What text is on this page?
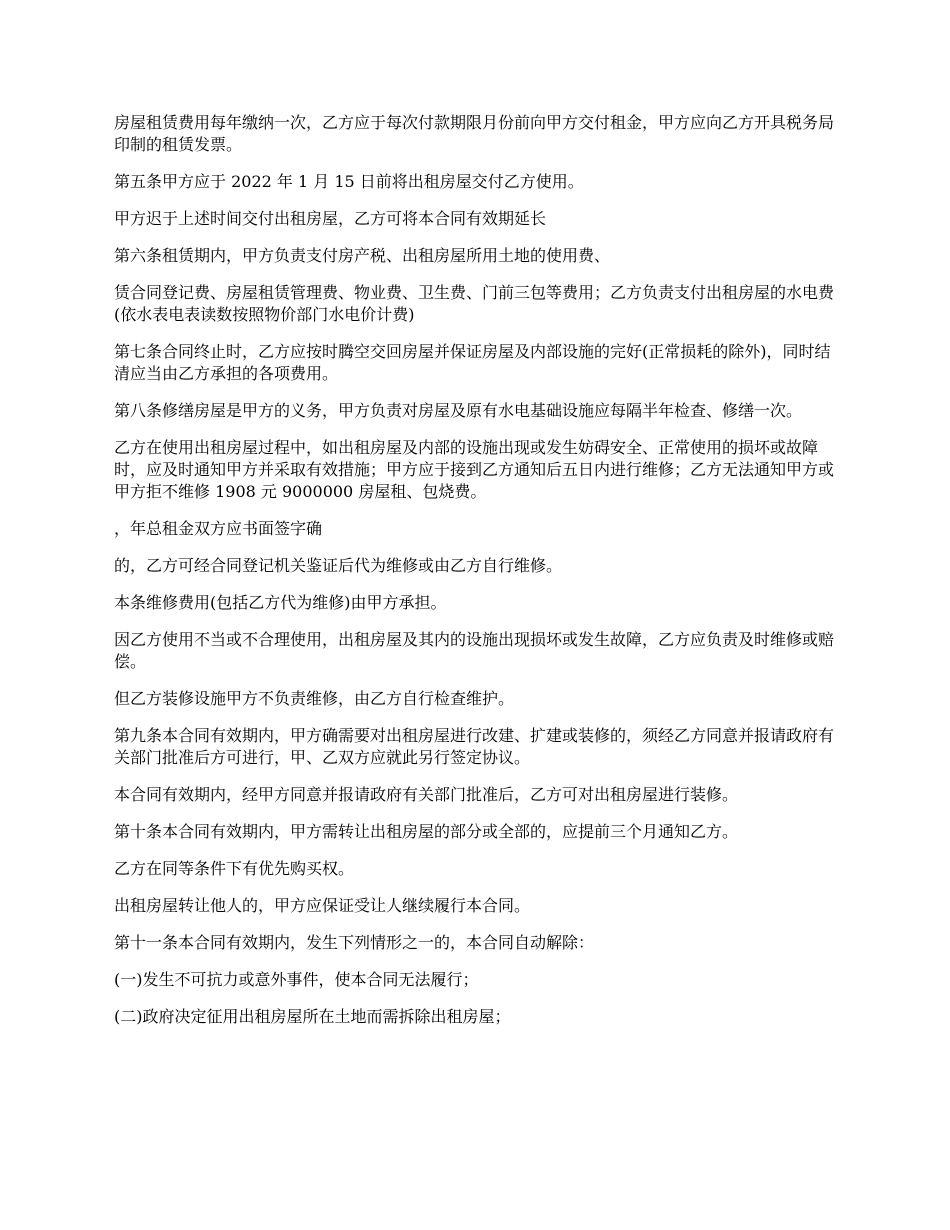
房屋租赁费用每年缴纳一次，乙方应于每次付款期限月份前向甲方交付租金，甲方应向乙方开具税务局印制的租赁发票。

第五条甲方应于 2022 年 1 月 15 日前将出租房屋交付乙方使用。

甲方迟于上述时间交付出租房屋，乙方可将本合同有效期延长

第六条租赁期内，甲方负责支付房产税、出租房屋所用土地的使用费、

赁合同登记费、房屋租赁管理费、物业费、卫生费、门前三包等费用；乙方负责支付出租房屋的水电费(依水表电表读数按照物价部门水电价计费)

第七条合同终止时，乙方应按时腾空交回房屋并保证房屋及内部设施的完好(正常损耗的除外)，同时结清应当由乙方承担的各项费用。

第八条修缮房屋是甲方的义务，甲方负责对房屋及原有水电基础设施应每隔半年检查、修缮一次。

乙方在使用出租房屋过程中，如出租房屋及内部的设施出现或发生妨碍安全、正常使用的损坏或故障时，应及时通知甲方并采取有效措施；甲方应于接到乙方通知后五日内进行维修；乙方无法通知甲方或甲方拒不维修 1908 元 9000000 房屋租、包烧费。

，年总租金双方应书面签字确

的，乙方可经合同登记机关鉴证后代为维修或由乙方自行维修。

本条维修费用(包括乙方代为维修)由甲方承担。

因乙方使用不当或不合理使用，出租房屋及其内的设施出现损坏或发生故障，乙方应负责及时维修或赔偿。

但乙方装修设施甲方不负责维修，由乙方自行检查维护。

第九条本合同有效期内，甲方确需要对出租房屋进行改建、扩建或装修的，须经乙方同意并报请政府有关部门批准后方可进行，甲、乙双方应就此另行签定协议。

本合同有效期内，经甲方同意并报请政府有关部门批准后，乙方可对出租房屋进行装修。

第十条本合同有效期内，甲方需转让出租房屋的部分或全部的，应提前三个月通知乙方。

乙方在同等条件下有优先购买权。

出租房屋转让他人的，甲方应保证受让人继续履行本合同。

第十一条本合同有效期内，发生下列情形之一的，本合同自动解除：

(一)发生不可抗力或意外事件，使本合同无法履行；

(二)政府决定征用出租房屋所在土地而需拆除出租房屋；
